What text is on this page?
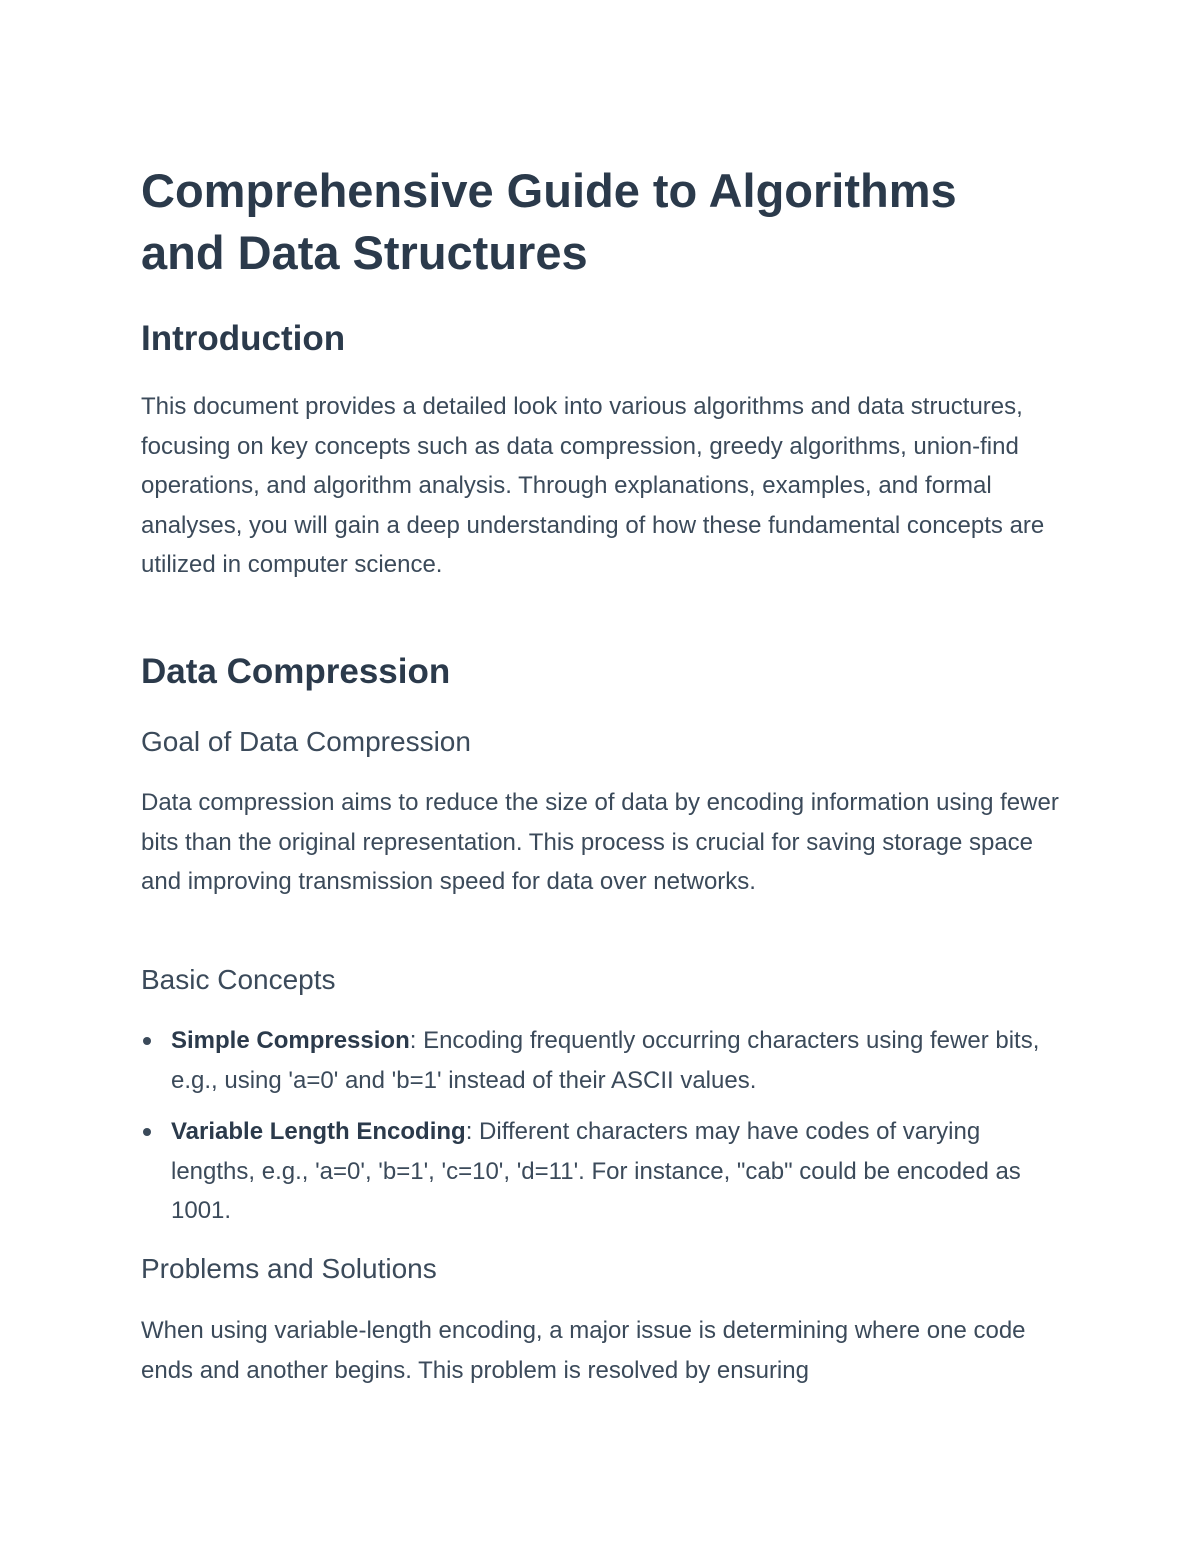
Comprehensive Guide to Algorithms and Data Structures
Introduction

This document provides a detailed look into various algorithms and data structures, focusing on key concepts such as data compression, greedy algorithms, union-find operations, and algorithm analysis. Through explanations, examples, and formal analyses, you will gain a deep understanding of how these fundamental concepts are utilized in computer science.

Data Compression
Goal of Data Compression

Data compression aims to reduce the size of data by encoding information using fewer bits than the original representation. This process is crucial for saving storage space and improving transmission speed for data over networks.

Basic Concepts
Simple Compression: Encoding frequently occurring characters using fewer bits, e.g., using 'a=0' and 'b=1' instead of their ASCII values.
Variable Length Encoding: Different characters may have codes of varying lengths, e.g., 'a=0', 'b=1', 'c=10', 'd=11'. For instance, "cab" could be encoded as 1001.
Problems and Solutions

When using variable-length encoding, a major issue is determining where one code ends and another begins. This problem is resolved by ensuring
